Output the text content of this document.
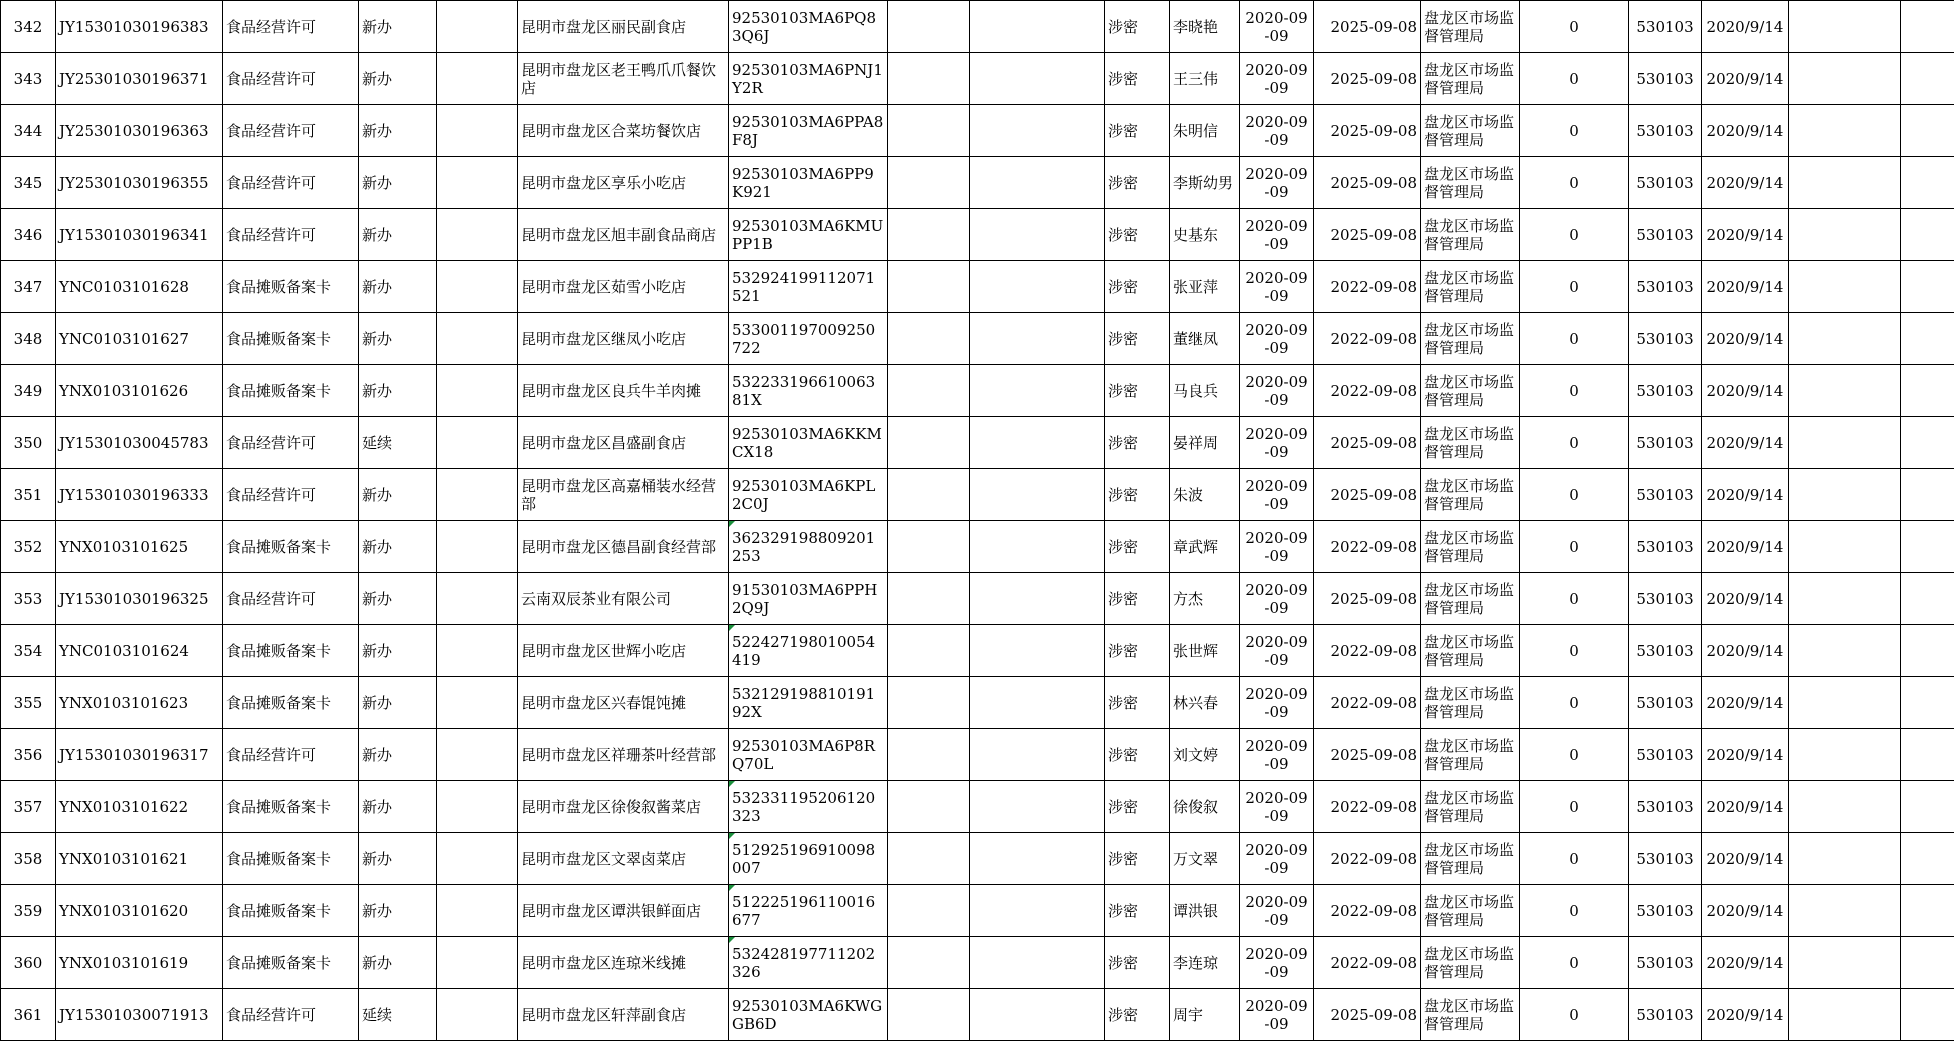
342	JY15301030196383	食品经营许可	新办		昆明市盘龙区丽民副食店	92530103MA6PQ83Q6J			涉密	李晓艳	2020-09-09	2025-09-08	盘龙区市场监督管理局	0	530103	2020/9/14		
343	JY25301030196371	食品经营许可	新办		昆明市盘龙区老王鸭爪爪餐饮店	92530103MA6PNJ1Y2R			涉密	王三伟	2020-09-09	2025-09-08	盘龙区市场监督管理局	0	530103	2020/9/14		
344	JY25301030196363	食品经营许可	新办		昆明市盘龙区合菜坊餐饮店	92530103MA6PPA8F8J			涉密	朱明信	2020-09-09	2025-09-08	盘龙区市场监督管理局	0	530103	2020/9/14		
345	JY25301030196355	食品经营许可	新办		昆明市盘龙区享乐小吃店	92530103MA6PP9K921			涉密	李斯幼男	2020-09-09	2025-09-08	盘龙区市场监督管理局	0	530103	2020/9/14		
346	JY15301030196341	食品经营许可	新办		昆明市盘龙区旭丰副食品商店	92530103MA6KMUPP1B			涉密	史基东	2020-09-09	2025-09-08	盘龙区市场监督管理局	0	530103	2020/9/14		
347	YNC0103101628	食品摊贩备案卡	新办		昆明市盘龙区茹雪小吃店	532924199112071521			涉密	张亚萍	2020-09-09	2022-09-08	盘龙区市场监督管理局	0	530103	2020/9/14		
348	YNC0103101627	食品摊贩备案卡	新办		昆明市盘龙区继凤小吃店	533001197009250722			涉密	董继凤	2020-09-09	2022-09-08	盘龙区市场监督管理局	0	530103	2020/9/14		
349	YNX0103101626	食品摊贩备案卡	新办		昆明市盘龙区良兵牛羊肉摊	53223319661006381X			涉密	马良兵	2020-09-09	2022-09-08	盘龙区市场监督管理局	0	530103	2020/9/14		
350	JY15301030045783	食品经营许可	延续		昆明市盘龙区昌盛副食店	92530103MA6KKMCX18			涉密	晏祥周	2020-09-09	2025-09-08	盘龙区市场监督管理局	0	530103	2020/9/14		
351	JY15301030196333	食品经营许可	新办		昆明市盘龙区高嘉桶装水经营部	92530103MA6KPL2C0J			涉密	朱波	2020-09-09	2025-09-08	盘龙区市场监督管理局	0	530103	2020/9/14		
352	YNX0103101625	食品摊贩备案卡	新办		昆明市盘龙区德昌副食经营部	362329198809201253			涉密	章武辉	2020-09-09	2022-09-08	盘龙区市场监督管理局	0	530103	2020/9/14		
353	JY15301030196325	食品经营许可	新办		云南双辰茶业有限公司	91530103MA6PPH2Q9J			涉密	方杰	2020-09-09	2025-09-08	盘龙区市场监督管理局	0	530103	2020/9/14		
354	YNC0103101624	食品摊贩备案卡	新办		昆明市盘龙区世辉小吃店	522427198010054419			涉密	张世辉	2020-09-09	2022-09-08	盘龙区市场监督管理局	0	530103	2020/9/14		
355	YNX0103101623	食品摊贩备案卡	新办		昆明市盘龙区兴春馄饨摊	53212919881019192X			涉密	林兴春	2020-09-09	2022-09-08	盘龙区市场监督管理局	0	530103	2020/9/14		
356	JY15301030196317	食品经营许可	新办		昆明市盘龙区祥珊茶叶经营部	92530103MA6P8RQ70L			涉密	刘文婷	2020-09-09	2025-09-08	盘龙区市场监督管理局	0	530103	2020/9/14		
357	YNX0103101622	食品摊贩备案卡	新办		昆明市盘龙区徐俊叙酱菜店	532331195206120323			涉密	徐俊叙	2020-09-09	2022-09-08	盘龙区市场监督管理局	0	530103	2020/9/14		
358	YNX0103101621	食品摊贩备案卡	新办		昆明市盘龙区文翠卤菜店	512925196910098007			涉密	万文翠	2020-09-09	2022-09-08	盘龙区市场监督管理局	0	530103	2020/9/14		
359	YNX0103101620	食品摊贩备案卡	新办		昆明市盘龙区谭洪银鲜面店	512225196110016677			涉密	谭洪银	2020-09-09	2022-09-08	盘龙区市场监督管理局	0	530103	2020/9/14		
360	YNX0103101619	食品摊贩备案卡	新办		昆明市盘龙区连琼米线摊	532428197711202326			涉密	李连琼	2020-09-09	2022-09-08	盘龙区市场监督管理局	0	530103	2020/9/14		
361	JY15301030071913	食品经营许可	延续		昆明市盘龙区轩萍副食店	92530103MA6KWGGB6D			涉密	周宇	2020-09-09	2025-09-08	盘龙区市场监督管理局	0	530103	2020/9/14		
